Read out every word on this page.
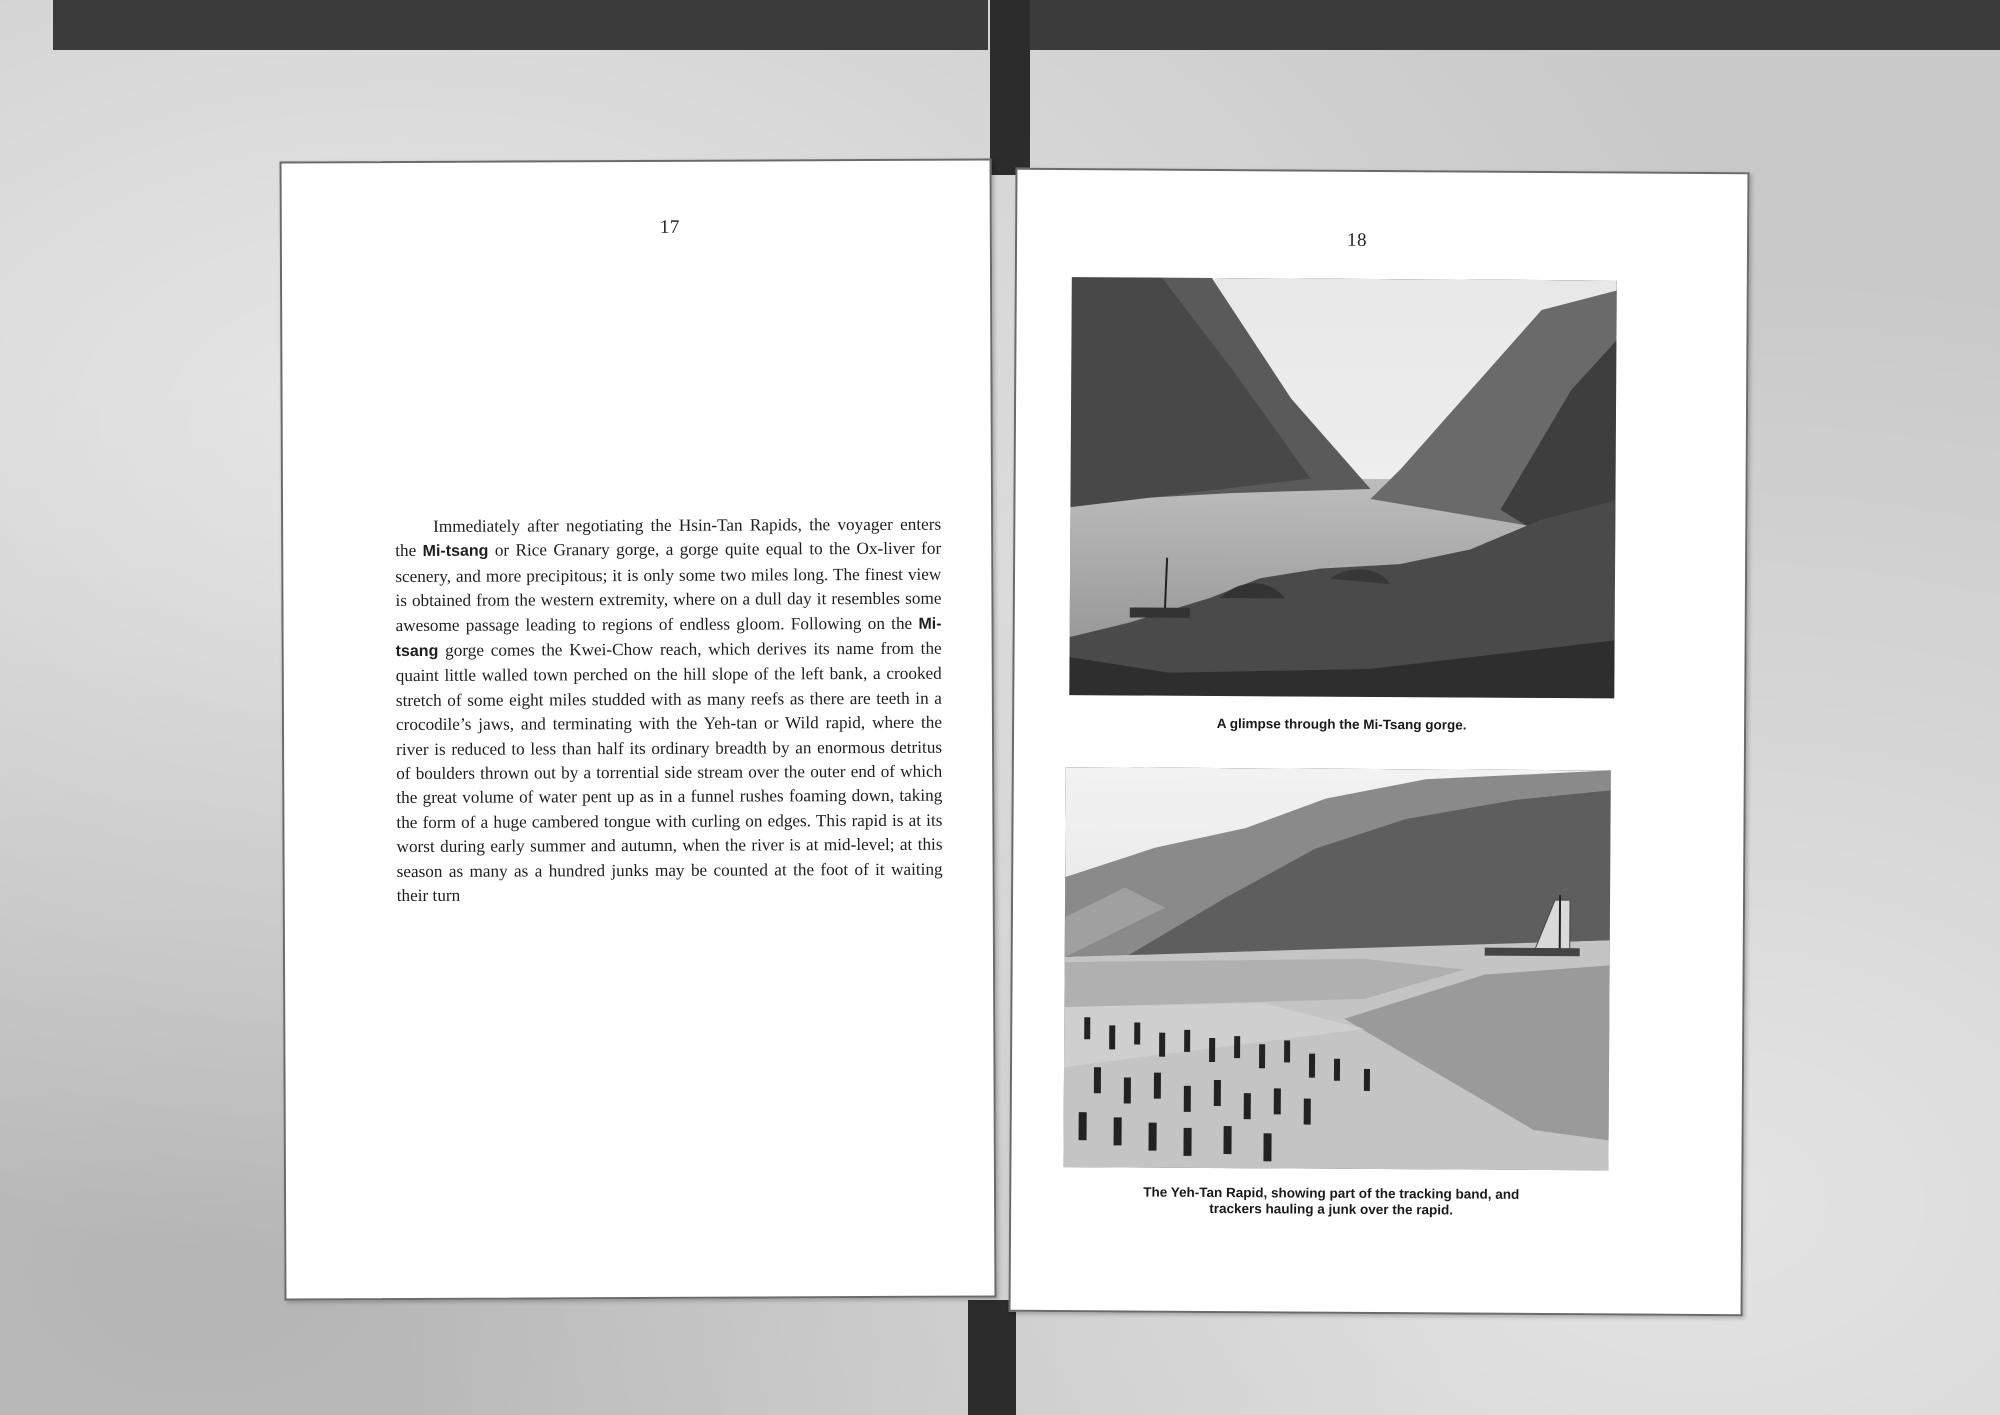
17

Immediately after negotiating the Hsin-Tan Rapids, the voyager enters the Mi-tsang or Rice Granary gorge, a gorge quite equal to the Ox-liver for scenery, and more precipitous; it is only some two miles long. The finest view is obtained from the western extremity, where on a dull day it resembles some awesome passage leading to regions of endless gloom. Following on the Mi-tsang gorge comes the Kwei-Chow reach, which derives its name from the quaint little walled town perched on the hill slope of the left bank, a crooked stretch of some eight miles studded with as many reefs as there are teeth in a crocodile’s jaws, and terminating with the Yeh-tan or Wild rapid, where the river is reduced to less than half its ordinary breadth by an enormous detritus of boulders thrown out by a torrential side stream over the outer end of which the great volume of water pent up as in a funnel rushes foaming down, taking the form of a huge cambered tongue with curling on edges. This rapid is at its worst during early summer and autumn, when the river is at mid-level; at this season as many as a hundred junks may be counted at the foot of it waiting their turn

18
A glimpse through the Mi-Tsang gorge.
The Yeh-Tan Rapid, showing part of the tracking band, and
trackers hauling a junk over the rapid.
